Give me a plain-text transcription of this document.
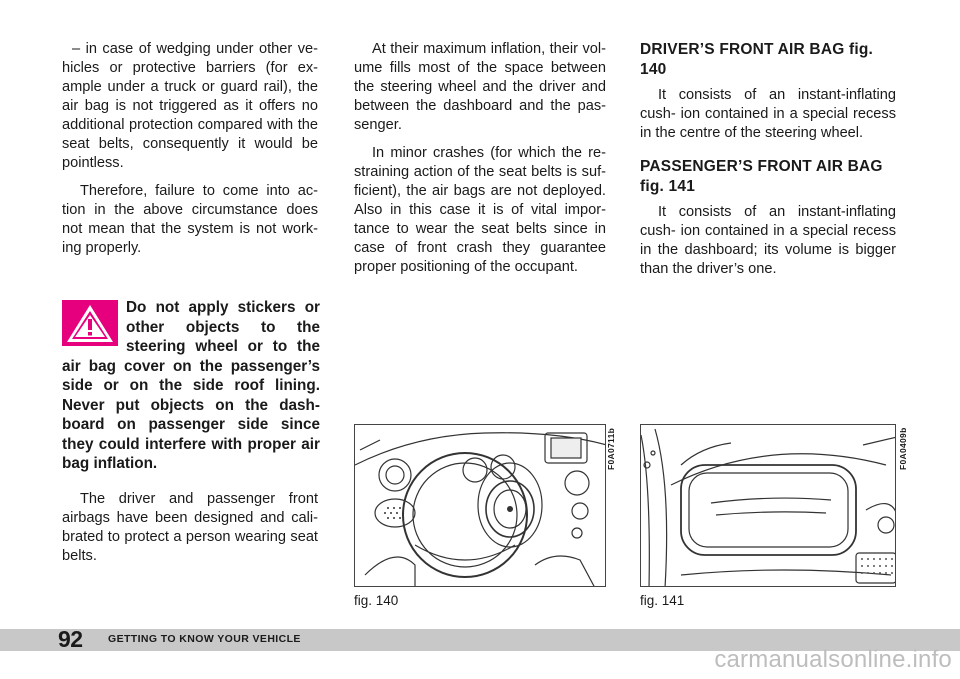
– in case of wedging under other ve- hicles or protective barriers (for ex- ample under a truck or guard rail), the air bag is not triggered as it offers no additional protection compared with the seat belts, consequently it would be pointless.

Therefore, failure to come into ac- tion in the above circumstance does not mean that the system is not work- ing properly.

Do not apply stickers or other objects to the steering wheel or to the air bag cover on the passenger’s side or on the side roof lining. Never put objects on the dash- board on passenger side since they could interfere with proper air bag inflation.

The driver and passenger front airbags have been designed and cali- brated to protect a person wearing seat belts.

At their maximum inflation, their vol- ume fills most of the space between the steering wheel and the driver and between the dashboard and the pas- senger.

In minor crashes (for which the re- straining action of the seat belts is suf- ficient), the air bags are not deployed. Also in this case it is of vital impor- tance to wear the seat belts since in case of front crash they guarantee proper positioning of the occupant.

DRIVER’S FRONT AIR BAG fig. 140

It consists of an instant-inflating cush- ion contained in a special recess in the centre of the steering wheel.

PASSENGER’S FRONT AIR BAG fig. 141

It consists of an instant-inflating cush- ion contained in a special recess in the dashboard; its volume is bigger than the driver’s one.

F0A0711b	F0A0409b
fig. 140	fig. 141
92 GETTING TO KNOW YOUR VEHICLE
carmanualsonline.info
